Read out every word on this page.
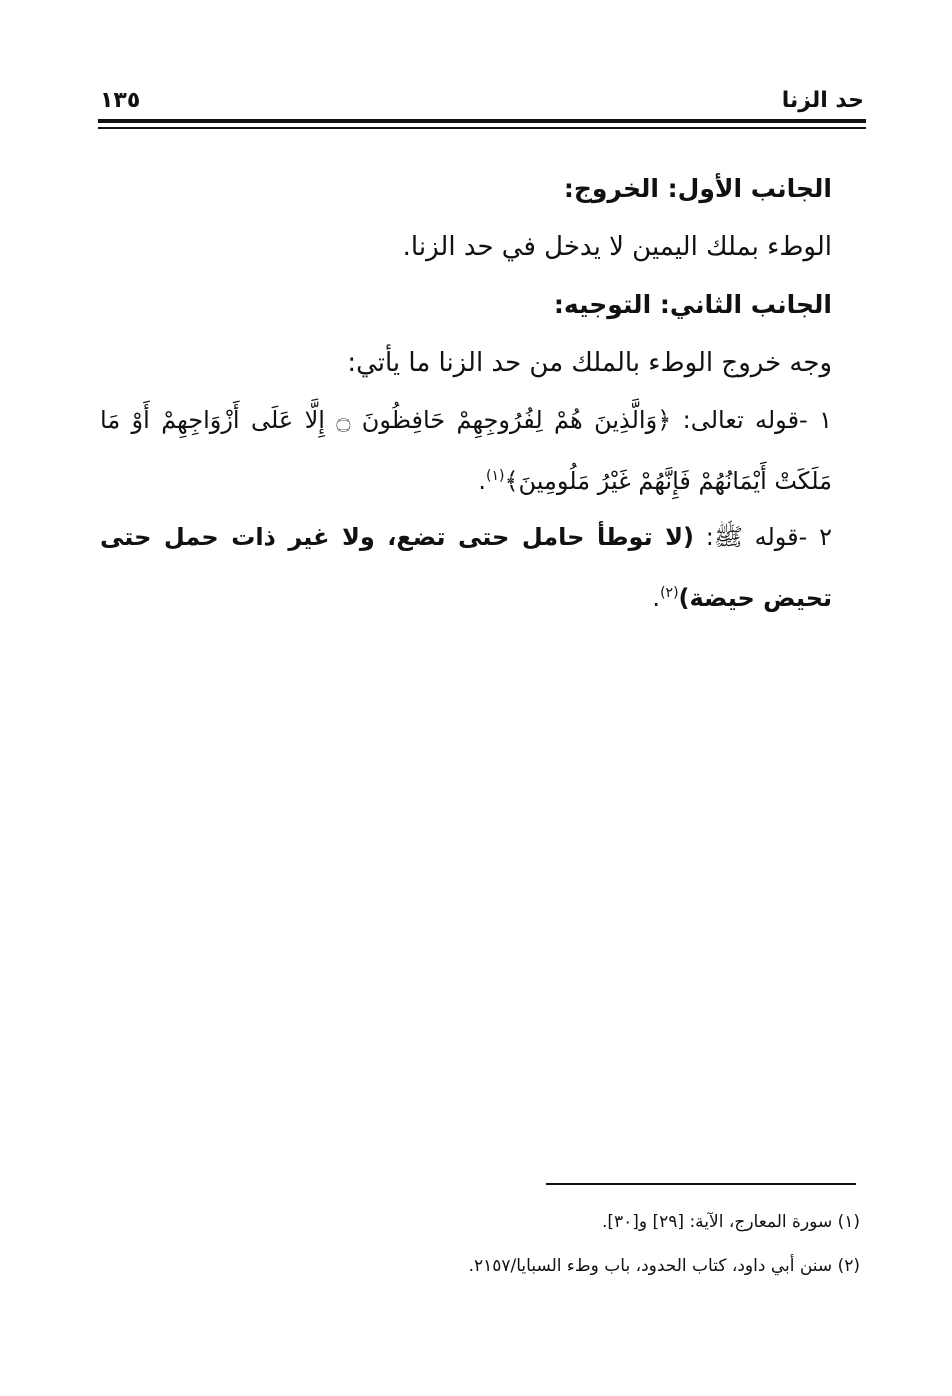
حد الزنا
١٣٥
الجانب الأول: الخروج:
الوطء بملك اليمين لا يدخل في حد الزنا.
الجانب الثاني: التوجيه:
وجه خروج الوطء بالملك من حد الزنا ما يأتي:
١ -قوله تعالى: ﴿وَالَّذِينَ هُمْ لِفُرُوجِهِمْ حَافِظُونَ ۝ إِلَّا عَلَى أَزْوَاجِهِمْ أَوْ مَا مَلَكَتْ أَيْمَانُهُمْ فَإِنَّهُمْ غَيْرُ مَلُومِينَ﴾$^{(١)}$.
٢ -قوله ﷺ: (لا توطأ حامل حتى تضع، ولا غير ذات حمل حتى تحيض حيضة)$^{(٢)}$.
(١) سورة المعارج، الآية: [٢٩] و[٣٠].
(٢) سنن أبي داود، كتاب الحدود، باب وطء السبايا/٢١٥٧.
